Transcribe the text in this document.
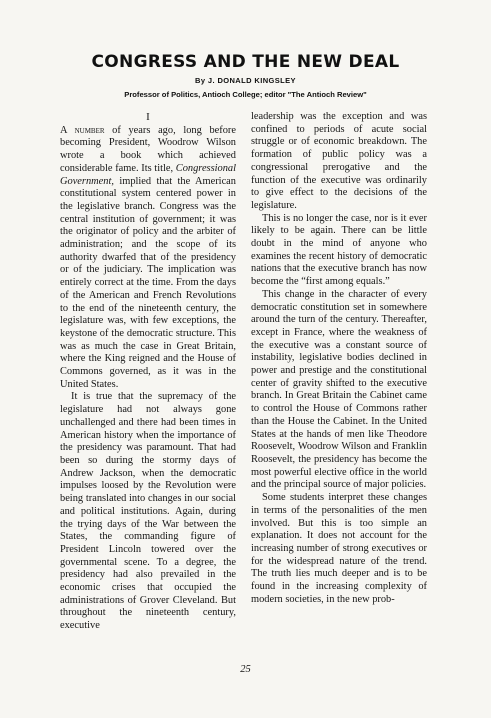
CONGRESS AND THE NEW DEAL
By J. DONALD KINGSLEY
Professor of Politics, Antioch College; editor "The Antioch Review"
I

A number of years ago, long before becoming President, Woodrow Wilson wrote a book which achieved considerable fame. Its title, Congressional Government, implied that the American constitutional system centered power in the legislative branch. Congress was the central institution of government; it was the originator of policy and the arbiter of administration; and the scope of its authority dwarfed that of the presidency or of the judiciary. The implication was entirely correct at the time. From the days of the American and French Revolutions to the end of the nineteenth century, the legislature was, with few exceptions, the keystone of the democratic structure. This was as much the case in Great Britain, where the King reigned and the House of Commons governed, as it was in the United States.

It is true that the supremacy of the legislature had not always gone unchallenged and there had been times in American history when the importance of the presidency was paramount. That had been so during the stormy days of Andrew Jackson, when the democratic impulses loosed by the Revolution were being translated into changes in our social and political institutions. Again, during the trying days of the War between the States, the commanding figure of President Lincoln towered over the governmental scene. To a degree, the presidency had also prevailed in the economic crises that occupied the administrations of Grover Cleveland. But throughout the nineteenth century, executive

leadership was the exception and was confined to periods of acute social struggle or of economic breakdown. The formation of public policy was a congressional prerogative and the function of the executive was ordinarily to give effect to the decisions of the legislature.

This is no longer the case, nor is it ever likely to be again. There can be little doubt in the mind of anyone who examines the recent history of democratic nations that the executive branch has now become the “first among equals.”

This change in the character of every democratic constitution set in somewhere around the turn of the century. Thereafter, except in France, where the weakness of the executive was a constant source of instability, legislative bodies declined in power and prestige and the constitutional center of gravity shifted to the executive branch. In Great Britain the Cabinet came to control the House of Commons rather than the House the Cabinet. In the United States at the hands of men like Theodore Roosevelt, Woodrow Wilson and Franklin Roosevelt, the presidency has become the most powerful elective office in the world and the principal source of major policies.

Some students interpret these changes in terms of the personalities of the men involved. But this is too simple an explanation. It does not account for the increasing number of strong executives or for the widespread nature of the trend. The truth lies much deeper and is to be found in the increasing complexity of modern societies, in the new prob-

25
